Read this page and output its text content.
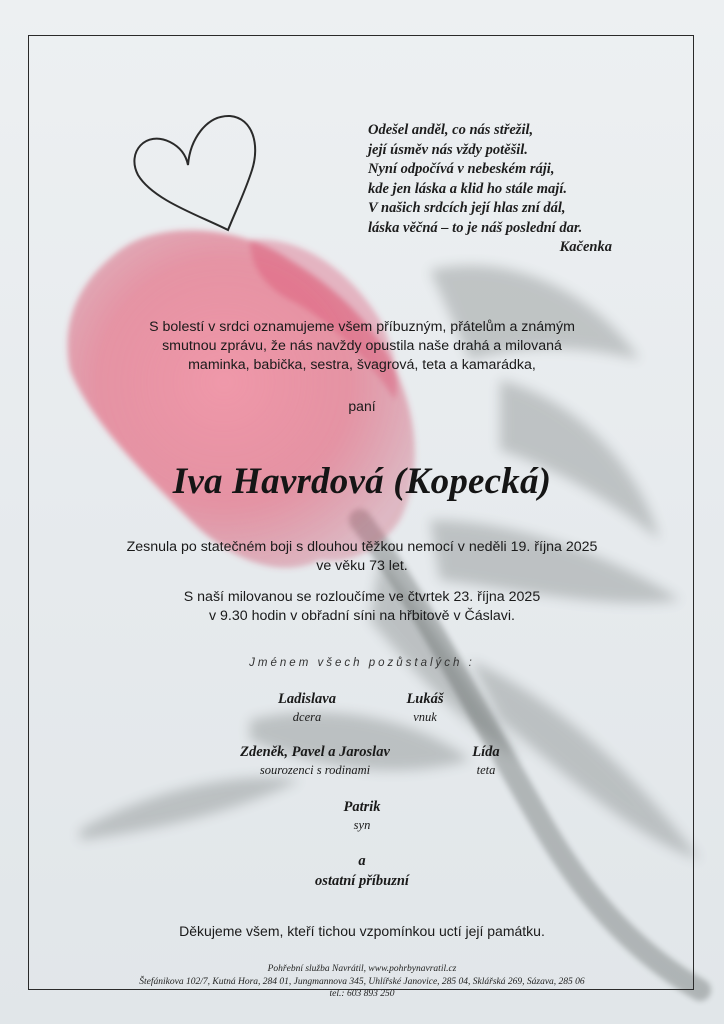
Odešel anděl, co nás střežil,
její úsměv nás vždy potěšil.
Nyní odpočívá v nebeském ráji,
kde jen láska a klid ho stále mají.
V našich srdcích její hlas zní dál,
láska věčná – to je náš poslední dar.
Kačenka
S bolestí v srdci oznamujeme všem příbuzným, přátelům a známým
smutnou zprávu, že nás navždy opustila naše drahá a milovaná
maminka, babička, sestra, švagrová, teta a kamarádka,
paní
Iva Havrdová (Kopecká)
Zesnula po statečném boji s dlouhou těžkou nemocí v neděli 19. října 2025
ve věku 73 let.
S naší milovanou se rozloučíme ve čtvrtek 23. října 2025
v 9.30 hodin v obřadní síni na hřbitově v Čáslavi.
Jménem všech pozůstalých :
Ladislava
dcera
Lukáš
vnuk
Zdeněk, Pavel a Jaroslav
sourozenci s rodinami
Lída
teta
Patrik
syn
a
ostatní příbuzní
Děkujeme všem, kteří tichou vzpomínkou uctí její památku.
Pohřební služba Navrátil, www.pohrbynavratil.cz
Štefánikova 102/7, Kutná Hora, 284 01, Jungmannova 345, Uhlířské Janovice, 285 04, Sklářská 269, Sázava, 285 06
tel.: 603 893 250
